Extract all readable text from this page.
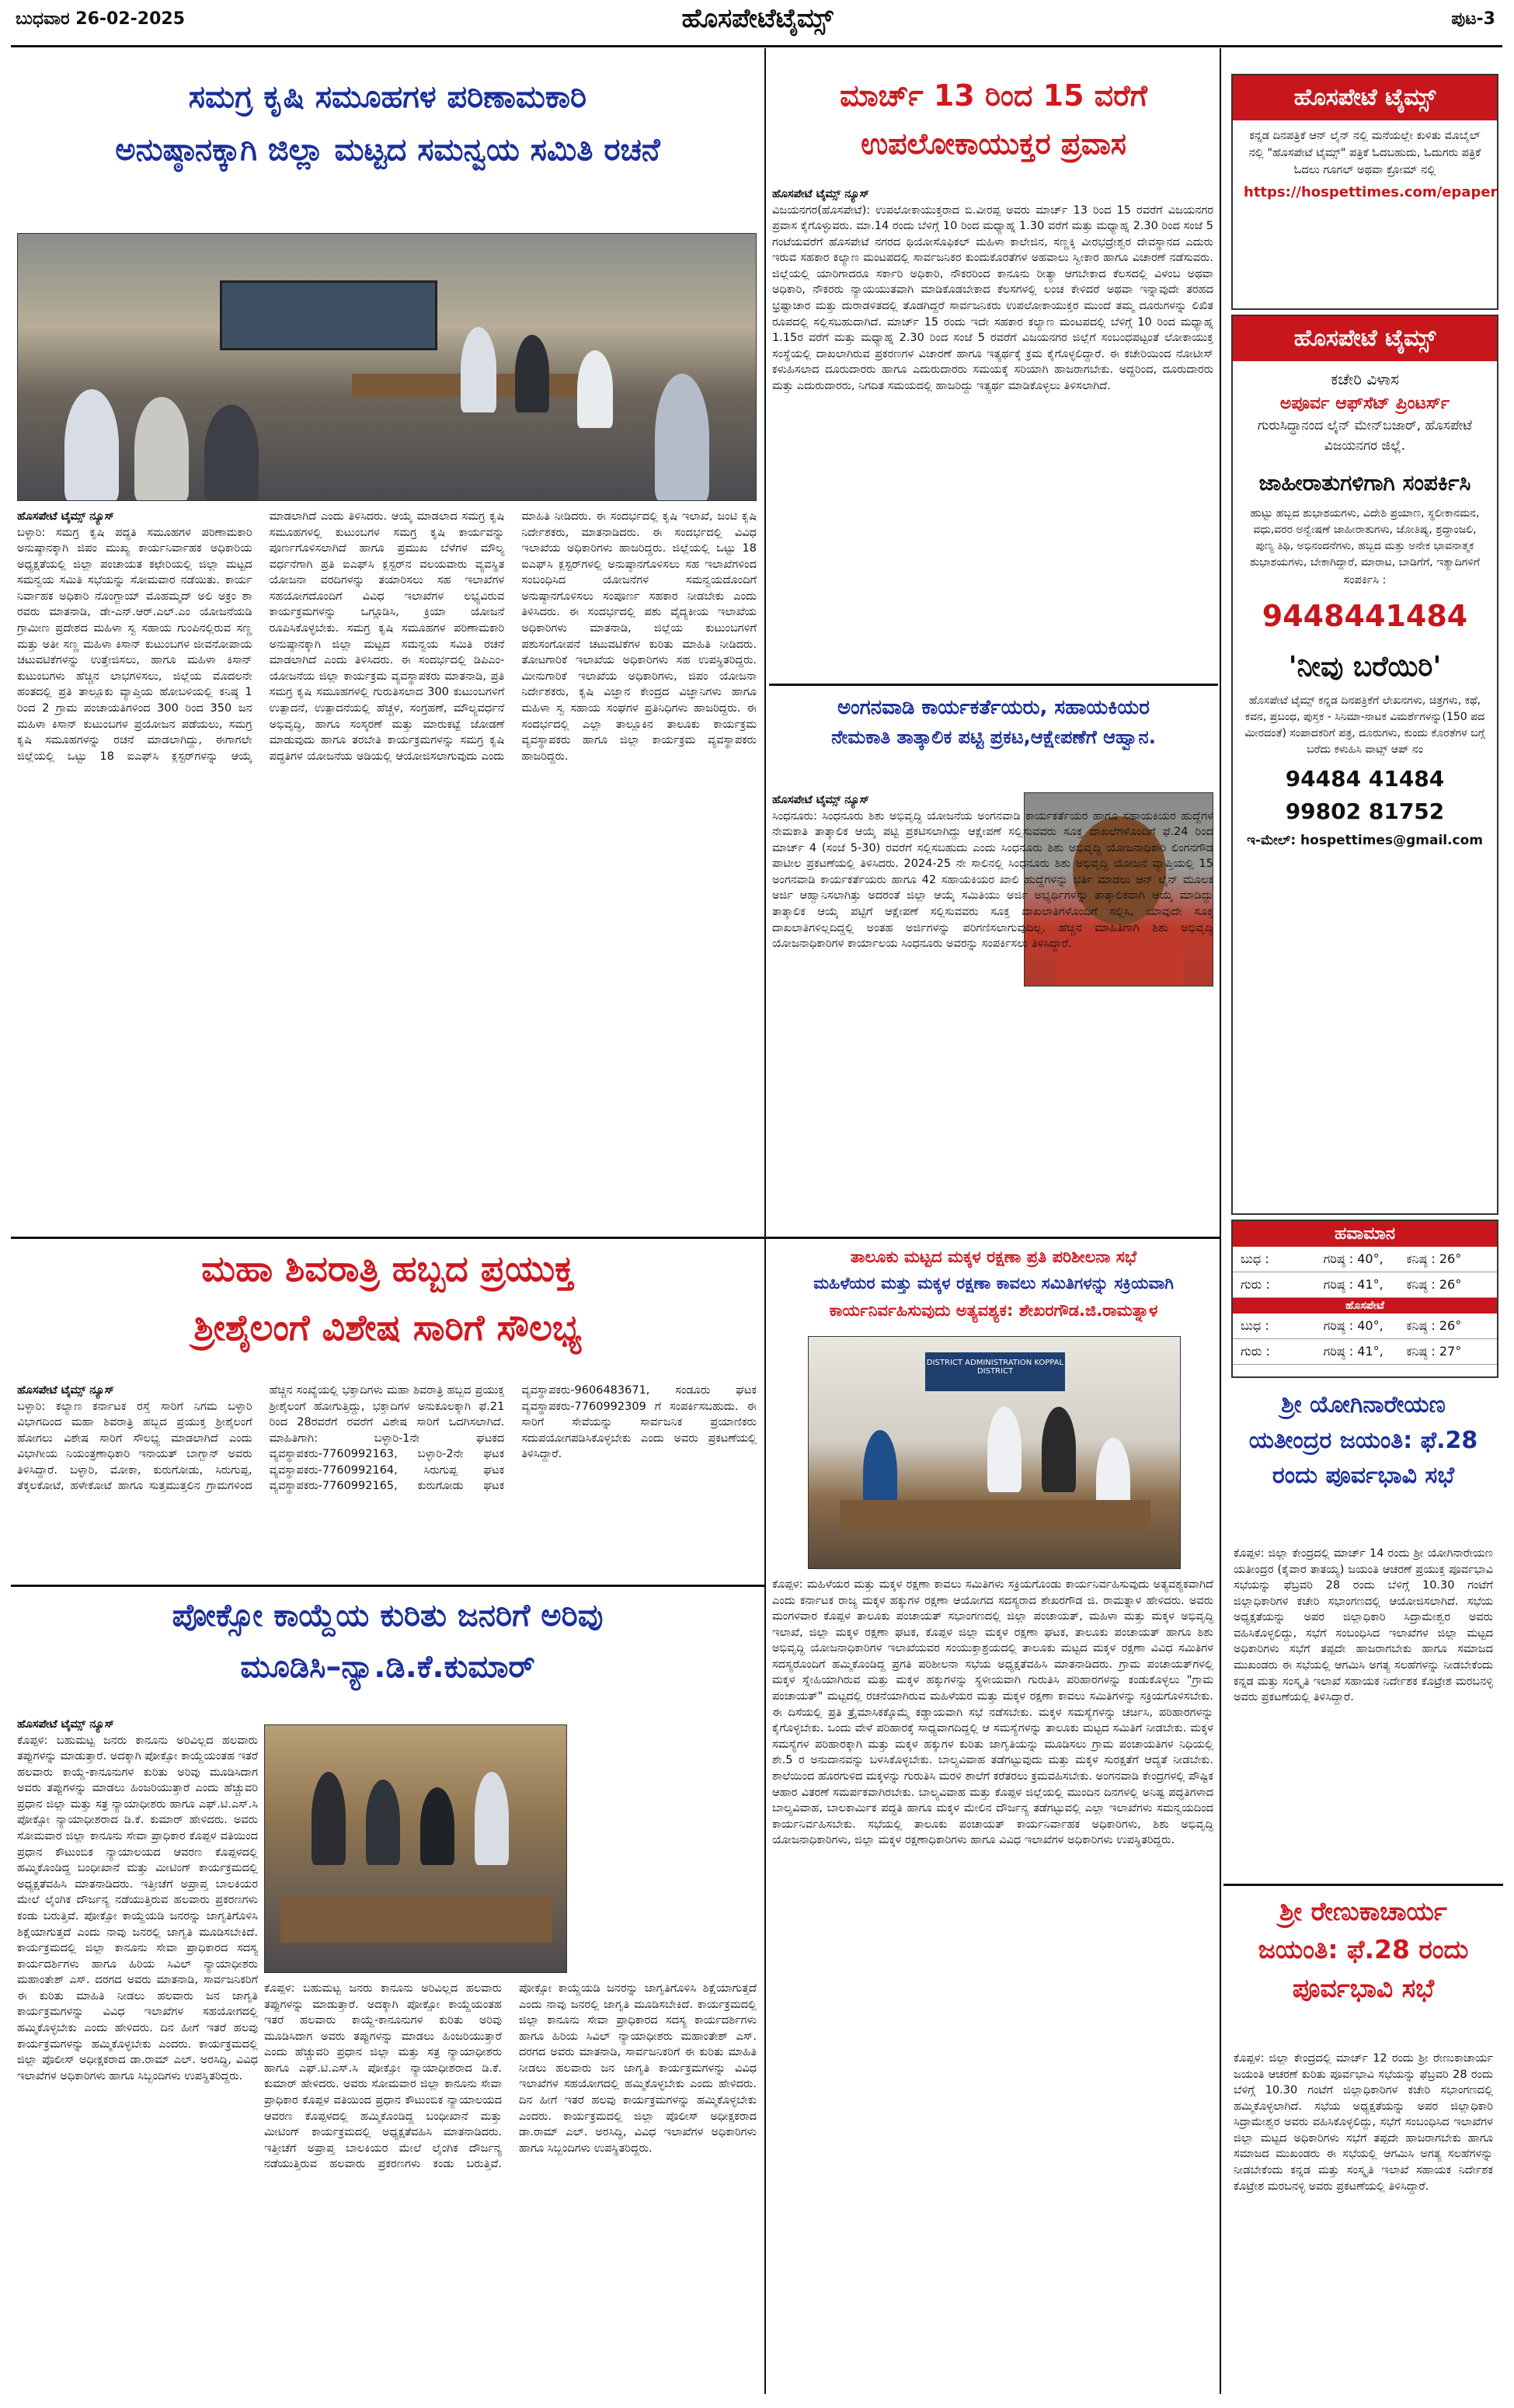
ಬುಧವಾರ 26-02-2025	ಹೊಸಪೇಟೆಟೈಮ್ಸ್	ಪುಟ-3
ಸಮಗ್ರ ಕೃಷಿ ಸಮೂಹಗಳ ಪರಿಣಾಮಕಾರಿ
ಅನುಷ್ಠಾನಕ್ಕಾಗಿ ಜಿಲ್ಲಾ ಮಟ್ಟದ ಸಮನ್ವಯ ಸಮಿತಿ ರಚನೆ
ಹೊಸಪೇಟೆ ಟೈಮ್ಸ್ ನ್ಯೂಸ್
ಬಳ್ಳಾರಿ: ಸಮಗ್ರ ಕೃಷಿ ಪದ್ಧತಿ ಸಮೂಹಗಳ ಪರಿಣಾಮಕಾರಿ ಅನುಷ್ಠಾನಕ್ಕಾಗಿ ಜಿಪಂ ಮುಖ್ಯ ಕಾರ್ಯನಿರ್ವಾಹಕ ಅಧಿಕಾರಿಯ ಅಧ್ಯಕ್ಷತೆಯಲ್ಲಿ ಜಿಲ್ಲಾ ಪಂಚಾಯತ ಕಛೇರಿಯಲ್ಲಿ ಜಿಲ್ಲಾ ಮಟ್ಟದ ಸಮನ್ವಯ ಸಮಿತಿ ಸಭೆಯನ್ನು ಸೋಮವಾರ ನಡೆಯಿತು. ಕಾರ್ಯ ನಿರ್ವಾಹಕ ಅಧಿಕಾರಿ ನೊಂಗ್ಜಾಯ್ ಮೊಹಮ್ಮದ್ ಅಲಿ ಅಕ್ರಂ ಶಾ ರವರು ಮಾತನಾಡಿ, ಡೇ-ಎನ್.ಆರ್.ಎಲ್.ಎಂ ಯೋಜನೆಯಡಿ ಗ್ರಾಮೀಣ ಪ್ರದೇಶದ ಮಹಿಳಾ ಸ್ವ ಸಹಾಯ ಗುಂಪಿನಲ್ಲಿರುವ ಸಣ್ಣ ಮತ್ತು ಅತೀ ಸಣ್ಣ ಮಹಿಳಾ ಕಿಸಾನ್ ಕುಟುಂಬಗಳ ಜೀವನೋಪಾಯ ಚಟುವಟಿಕೆಗಳನ್ನು ಉತ್ತೇಜಿಸಲು, ಹಾಗೂ ಮಹಿಳಾ ಕಿಸಾನ್ ಕುಟುಂಬಗಳು ಹೆಚ್ಚಿನ ಲಾಭಗಳಿಸಲು, ಜಿಲ್ಲೆಯ ಮೊದಲನೇ ಹಂತದಲ್ಲಿ ಪ್ರತಿ ತಾಲ್ಲೂಕು ವ್ಯಾಪ್ತಿಯ ಹೋಬಳಿಯಲ್ಲಿ ಕನಿಷ್ಠ 1 ರಿಂದ 2 ಗ್ರಾಮ ಪಂಚಾಯತಿಗಳಿಂದ 300 ರಿಂದ 350 ಜನ ಮಹಿಳಾ ಕಿಸಾನ್ ಕುಟುಂಬಗಳ ಪ್ರಯೋಜನ ಪಡೆಯಲು, ಸಮಗ್ರ ಕೃಷಿ ಸಮೂಹಗಳನ್ನು ರಚನೆ ಮಾಡಲಾಗಿದ್ದು, ಈಗಾಗಲೇ ಜಿಲ್ಲೆಯಲ್ಲಿ ಒಟ್ಟು 18 ಐಎಫ್‌ಸಿ ಕ್ಲಸ್ಟರ್‌ಗಳನ್ನು ಆಯ್ಕೆ ಮಾಡಲಾಗಿದೆ ಎಂದು ತಿಳಿಸಿದರು. ಆಯ್ಕೆ ಮಾಡಲಾದ ಸಮಗ್ರ ಕೃಷಿ ಸಮೂಹಗಳಲ್ಲಿ ಕುಟುಂಬಗಳ ಸಮಗ್ರ ಕೃಷಿ ಕಾರ್ಯವನ್ನು ಪೂರ್ಣಗೊಳಿಸಲಾಗಿದೆ ಹಾಗೂ ಪ್ರಮುಖ ಬೆಳೆಗಳ ಮೌಲ್ಯ ವರ್ಧನೆಗಾಗಿ ಪ್ರತಿ ಐಎಫ್‌ಸಿ ಕ್ಲಸ್ಟರ್‌ನ ವಲಯವಾರು ವ್ಯವಸ್ಥಿತ ಯೋಜನಾ ವರದಿಗಳನ್ನು ತಯಾರಿಸಲು ಸಹ ಇಲಾಖೆಗಳ ಸಹಯೋಗದೊಂದಿಗೆ ವಿವಿಧ ಇಲಾಖೆಗಳ ಲಭ್ಯವಿರುವ ಕಾರ್ಯಕ್ರಮಗಳನ್ನು ಒಗ್ಗೂಡಿಸಿ, ಕ್ರಿಯಾ ಯೋಜನೆ ರೂಪಿಸಿಕೊಳ್ಳಬೇಕು. ಸಮಗ್ರ ಕೃಷಿ ಸಮೂಹಗಳ ಪರಿಣಾಮಕಾರಿ ಅನುಷ್ಠಾನಕ್ಕಾಗಿ ಜಿಲ್ಲಾ ಮಟ್ಟದ ಸಮನ್ವಯ ಸಮಿತಿ ರಚನೆ ಮಾಡಲಾಗಿದೆ ಎಂದು ತಿಳಿಸಿದರು. ಈ ಸಂದರ್ಭದಲ್ಲಿ ಡಿಪಿಎಂ-ಯೋಜನೆಯ ಜಿಲ್ಲಾ ಕಾರ್ಯಕ್ರಮ ವ್ಯವಸ್ಥಾಪಕರು ಮಾತನಾಡಿ, ಪ್ರತಿ ಸಮಗ್ರ ಕೃಷಿ ಸಮೂಹಗಳಲ್ಲಿ ಗುರುತಿಸಲಾದ 300 ಕುಟುಂಬಗಳಿಗೆ ಉತ್ಪಾದನೆ, ಉತ್ಪಾದನೆಯಲ್ಲಿ ಹೆಚ್ಚಳ, ಸಂಗ್ರಹಣೆ, ಮೌಲ್ಯವರ್ಧನೆ ಅಭಿವೃದ್ಧಿ, ಹಾಗೂ ಸಂಸ್ಕರಣೆ ಮತ್ತು ಮಾರುಕಟ್ಟೆ ಜೋಡಣೆ ಮಾಡುವುದು ಹಾಗೂ ತರಬೇತಿ ಕಾರ್ಯಕ್ರಮಗಳನ್ನು ಸಮಗ್ರ ಕೃಷಿ ಪದ್ಧತಿಗಳ ಯೋಜನೆಯ ಅಡಿಯಲ್ಲಿ ಆಯೋಜಿಸಲಾಗುವುದು ಎಂದು ಮಾಹಿತಿ ನೀಡಿದರು. ಈ ಸಂದರ್ಭದಲ್ಲಿ ಕೃಷಿ ಇಲಾಖೆ, ಜಂಟಿ ಕೃಷಿ ನಿರ್ದೇಶಕರು, ಮಾತನಾಡಿದರು. ಈ ಸಂದರ್ಭದಲ್ಲಿ ವಿವಿಧ ಇಲಾಖೆಯ ಅಧಿಕಾರಿಗಳು ಹಾಜರಿದ್ದರು. ಜಿಲ್ಲೆಯಲ್ಲಿ ಒಟ್ಟು 18 ಐಎಫ್‌ಸಿ ಕ್ಲಸ್ಟರ್‌ಗಳಲ್ಲಿ ಅನುಷ್ಠಾನಗೊಳಿಸಲು ಸಹ ಇಲಾಖೆಗಳಿಂದ ಸಂಬಂಧಿಸಿದ ಯೋಜನೆಗಳ ಸಮನ್ವಯದೊಂದಿಗೆ ಅನುಷ್ಠಾನಗೊಳಿಸಲು ಸಂಪೂರ್ಣ ಸಹಕಾರ ನೀಡಬೇಕು ಎಂದು ತಿಳಿಸಿದರು. ಈ ಸಂದರ್ಭದಲ್ಲಿ ಪಶು ವೈದ್ಯಕೀಯ ಇಲಾಖೆಯ ಅಧಿಕಾರಿಗಳು ಮಾತನಾಡಿ, ಜಿಲ್ಲೆಯ ಕುಟುಂಬಗಳಿಗೆ ಪಶುಸಂಗೋಪನೆ ಚಟುವಟಿಕೆಗಳ ಕುರಿತು ಮಾಹಿತಿ ನೀಡಿದರು. ತೋಟಗಾರಿಕೆ ಇಲಾಖೆಯ ಅಧಿಕಾರಿಗಳು ಸಹ ಉಪಸ್ಥಿತರಿದ್ದರು. ಮೀನುಗಾರಿಕೆ ಇಲಾಖೆಯ ಅಧಿಕಾರಿಗಳು, ಜಿಪಂ ಯೋಜನಾ ನಿರ್ದೇಶಕರು, ಕೃಷಿ ವಿಜ್ಞಾನ ಕೇಂದ್ರದ ವಿಜ್ಞಾನಿಗಳು ಹಾಗೂ ಮಹಿಳಾ ಸ್ವ ಸಹಾಯ ಸಂಘಗಳ ಪ್ರತಿನಿಧಿಗಳು ಹಾಜರಿದ್ದರು. ಈ ಸಂದರ್ಭದಲ್ಲಿ ಎಲ್ಲಾ ತಾಲ್ಲೂಕಿನ ತಾಲೂಕು ಕಾರ್ಯಕ್ರಮ ವ್ಯವಸ್ಥಾಪಕರು ಹಾಗೂ ಜಿಲ್ಲಾ ಕಾರ್ಯಕ್ರಮ ವ್ಯವಸ್ಥಾಪಕರು ಹಾಜರಿದ್ದರು.
ಮಾರ್ಚ್ 13 ರಿಂದ 15 ವರೆಗೆ
ಉಪಲೋಕಾಯುಕ್ತರ ಪ್ರವಾಸ
ಹೊಸಪೇಟೆ ಟೈಮ್ಸ್ ನ್ಯೂಸ್
ವಿಜಯನಗರ(ಹೊಸಪೇಟೆ): ಉಪಲೋಕಾಯುಕ್ತರಾದ ಬಿ.ವೀರಪ್ಪ ಅವರು ಮಾರ್ಚ್ 13 ರಿಂದ 15 ರವರೆಗೆ ವಿಜಯನಗರ ಪ್ರವಾಸ ಕೈಗೊಳ್ಳುವರು. ಮಾ.14 ರಂದು ಬೆಳಿಗ್ಗೆ 10 ರಿಂದ ಮಧ್ಯಾಹ್ನ 1.30 ವರೆಗೆ ಮತ್ತು ಮಧ್ಯಾಹ್ನ 2.30 ರಿಂದ ಸಂಜೆ 5 ಗಂಟೆಯವರೆಗೆ ಹೊಸಪೇಟೆ ನಗರದ ಥಿಯೋಸೊಫಿಕಲ್ ಮಹಿಳಾ ಕಾಲೇಜಿನ, ಸಣ್ಣಕ್ಕಿ ವೀರಭದ್ರೇಶ್ವರ ದೇವಸ್ಥಾನದ ಎದುರು ಇರುವ ಸಹಕಾರ ಕಲ್ಯಾಣ ಮಂಟಪದಲ್ಲಿ ಸಾರ್ವಜನಿಕರ ಕುಂದುಕೊರತೆಗಳ ಅಹವಾಲು ಸ್ವೀಕಾರ ಹಾಗೂ ವಿಚಾರಣೆ ನಡೆಸುವರು. ಜಿಲ್ಲೆಯಲ್ಲಿ ಯಾರಿಗಾದರೂ ಸರ್ಕಾರಿ ಅಧಿಕಾರಿ, ನೌಕರರಿಂದ ಕಾನೂನು ರೀತ್ಯಾ ಆಗಬೇಕಾದ ಕೆಲಸದಲ್ಲಿ ವಿಳಂಬ ಅಥವಾ ಅಧಿಕಾರಿ, ನೌಕರರು ನ್ಯಾಯಯುತವಾಗಿ ಮಾಡಿಕೊಡಬೇಕಾದ ಕೆಲಸಗಳಲ್ಲಿ ಲಂಚ ಕೇಳಿದರೆ ಅಥವಾ ಇನ್ನಾವುದೇ ತರಹದ ಭ್ರಷ್ಟಾಚಾರ ಮತ್ತು ದುರಾಡಳಿತದಲ್ಲಿ ತೊಡಗಿದ್ದರೆ ಸಾರ್ವಜನಿಕರು ಉಪಲೋಕಾಯುಕ್ತರ ಮುಂದೆ ತಮ್ಮ ದೂರುಗಳನ್ನು ಲಿಖಿತ ರೂಪದಲ್ಲಿ ಸಲ್ಲಿಸಬಹುದಾಗಿದೆ. ಮಾರ್ಚ್ 15 ರಂದು ಇದೇ ಸಹಕಾರ ಕಲ್ಯಾಣ ಮಂಟಪದಲ್ಲಿ ಬೆಳಿಗ್ಗೆ 10 ರಿಂದ ಮಧ್ಯಾಹ್ನ 1.15ರ ವರೆಗೆ ಮತ್ತು ಮಧ್ಯಾಹ್ನ 2.30 ರಿಂದ ಸಂಜೆ 5 ರವರೆಗೆ ವಿಜಯನಗರ ಜಿಲ್ಲೆಗೆ ಸಂಬಂಧಪಟ್ಟಂತೆ ಲೋಕಾಯುಕ್ತ ಸಂಸ್ಥೆಯಲ್ಲಿ ದಾಖಲಾಗಿರುವ ಪ್ರಕರಣಗಳ ವಿಚಾರಣೆ ಹಾಗೂ ಇತ್ಯರ್ಥಕ್ಕೆ ಕ್ರಮ ಕೈಗೊಳ್ಳಲಿದ್ದಾರೆ. ಈ ಕಚೇರಿಯಿಂದ ನೋಟೀಸ್ ಕಳುಹಿಸಲಾದ ದೂರುದಾರರು ಹಾಗೂ ಎದುರುದಾರರು ಸಮಯಕ್ಕೆ ಸರಿಯಾಗಿ ಹಾಜರಾಗಬೇಕು. ಅದ್ದರಿಂದ, ದೂರುದಾರರು ಮತ್ತು ಎದುರುದಾರರು, ನಿಗದಿತ ಸಮಯದಲ್ಲಿ ಹಾಜರಿದ್ದು ಇತ್ಯರ್ಥ ಮಾಡಿಕೊಳ್ಳಲು ತಿಳಿಸಲಾಗಿದೆ.
ಅಂಗನವಾಡಿ ಕಾರ್ಯಕರ್ತೆಯರು, ಸಹಾಯಕಿಯರ
ನೇಮಕಾತಿ ತಾತ್ಕಾಲಿಕ ಪಟ್ಟಿ ಪ್ರಕಟ,ಆಕ್ಷೇಪಣೆಗೆ ಆಹ್ವಾನ.
ಹೊಸಪೇಟೆ ಟೈಮ್ಸ್ ನ್ಯೂಸ್
ಸಿಂಧನೂರು: ಸಿಂಧನೂರು ಶಿಶು ಅಭಿವೃದ್ಧಿ ಯೋಜನೆಯ ಅಂಗನವಾಡಿ ಕಾರ್ಯಕರ್ತೆಯರ ಹಾಗೂ ಸಹಾಯಕಿಯರ ಹುದ್ದೆಗಳ ನೇಮಕಾತಿ ತಾತ್ಕಾಲಿಕ ಆಯ್ಕೆ ಪಟ್ಟಿ ಪ್ರಕಟಿಸಲಾಗಿದ್ದು ಆಕ್ಷೇಪಣೆ ಸಲ್ಲಿಸುವವರು ಸೂಕ್ತ ದಾಖಲೆಗಳೊಂದಿಗೆ ಫೆ.24 ರಿಂದ ಮಾರ್ಚ್ 4 (ಸಂಜೆ 5-30) ರವರೆಗೆ ಸಲ್ಲಿಸಬಹುದು ಎಂದು ಸಿಂಧನೂರು ಶಿಶು ಅಭಿವೃದ್ಧಿ ಯೋಜನಾಧಿಕಾರಿ ಲಿಂಗನಗೌಡ ಪಾಟೀಲ ಪ್ರಕಟಣೆಯಲ್ಲಿ ತಿಳಿಸಿದರು. 2024-25 ನೇ ಸಾಲಿನಲ್ಲಿ ಸಿಂಧನೂರು ಶಿಶು ಅಭಿವೃದ್ಧಿ ಯೋಜನೆ ವ್ಯಾಪ್ತಿಯಲ್ಲಿ 15 ಅಂಗನವಾಡಿ ಕಾರ್ಯಕರ್ತೆಯರು ಹಾಗೂ 42 ಸಹಾಯಕಿಯರ ಖಾಲಿ ಹುದ್ದೆಗಳನ್ನು ಭರ್ತಿ ಮಾಡಲು ಆನ್ ಲೈನ್ ಮೂಲಕ ಅರ್ಜಿ ಆಹ್ವಾನಿಸಲಾಗಿತ್ತು ಅದರಂತೆ ಜಿಲ್ಲಾ ಆಯ್ಕೆ ಸಮಿತಿಯು ಅರ್ಜಿ ಅಭ್ಯರ್ಥಿಗಳನ್ನು ತಾತ್ಕಾಲಿಕವಾಗಿ ಆಯ್ಕೆ ಮಾಡಿದ್ದು ತಾತ್ಕಾಲಿಕ ಆಯ್ಕೆ ಪಟ್ಟಿಗೆ ಆಕ್ಷೇಪಣೆ ಸಲ್ಲಿಸುವವರು ಸೂಕ್ತ ದಾಖಲಾತಿಗಳೊಂದಿಗೆ ಸಲ್ಲಿಸಿ, ಯಾವುದೇ ಸೂಕ್ತ ದಾಖಲಾತಿಗಳಿಲ್ಲದಿದ್ದಲ್ಲಿ ಅಂತಹ ಅರ್ಜಿಗಳನ್ನು ಪರಿಗಣಿಸಲಾಗುವುದಿಲ್ಲ. ಹೆಚ್ಚಿನ ಮಾಹಿತಿಗಾಗಿ ಶಿಶು ಅಭಿವೃದ್ಧಿ ಯೋಜನಾಧಿಕಾರಿಗಳ ಕಾರ್ಯಾಲಯ ಸಿಂಧನೂರು ಅವರನ್ನು ಸಂಪರ್ಕಿಸಲು ತಿಳಿಸಿದ್ದಾರೆ.
ಮಹಾ ಶಿವರಾತ್ರಿ ಹಬ್ಬದ ಪ್ರಯುಕ್ತ
ಶ್ರೀಶೈಲಂಗೆ ವಿಶೇಷ ಸಾರಿಗೆ ಸೌಲಭ್ಯ
ಹೊಸಪೇಟೆ ಟೈಮ್ಸ್ ನ್ಯೂಸ್
ಬಳ್ಳಾರಿ: ಕಲ್ಯಾಣ ಕರ್ನಾಟಕ ರಸ್ತೆ ಸಾರಿಗೆ ನಿಗಮ ಬಳ್ಳಾರಿ ವಿಭಾಗದಿಂದ ಮಹಾ ಶಿವರಾತ್ರಿ ಹಬ್ಬದ ಪ್ರಯುಕ್ತ ಶ್ರೀಶೈಲಂಗೆ ಹೋಗಲು ವಿಶೇಷ ಸಾರಿಗೆ ಸೌಲಭ್ಯ ಮಾಡಲಾಗಿದೆ ಎಂದು ವಿಭಾಗೀಯ ನಿಯಂತ್ರಣಾಧಿಕಾರಿ ಇನಾಯತ್ ಬಾಗ್ಬಾನ್ ಅವರು ತಿಳಿಸಿದ್ದಾರೆ. ಬಳ್ಳಾರಿ, ಮೋಕಾ, ಕುರುಗೋಡು, ಸಿರುಗುಪ್ಪ, ತೆಕ್ಕಲಕೋಟೆ, ಹಳೇಕೋಟೆ ಹಾಗೂ ಸುತ್ತಮುತ್ತಲಿನ ಗ್ರಾಮಗಳಿಂದ ಹೆಚ್ಚಿನ ಸಂಖ್ಯೆಯಲ್ಲಿ ಭಕ್ತಾದಿಗಳು ಮಹಾ ಶಿವರಾತ್ರಿ ಹಬ್ಬದ ಪ್ರಯುಕ್ತ ಶ್ರೀಶೈಲಂಗೆ ಹೋಗುತ್ತಿದ್ದು, ಭಕ್ತಾದಿಗಳ ಅನುಕೂಲಕ್ಕಾಗಿ ಫೆ.21 ರಿಂದ 28ರವರೆಗೆ ರವರೆಗೆ ವಿಶೇಷ ಸಾರಿಗೆ ಒದಗಿಸಲಾಗಿದೆ. ಮಾಹಿತಿಗಾಗಿ: ಬಳ್ಳಾರಿ-1ನೇ ಘಟಕದ ವ್ಯವಸ್ಥಾಪಕರು-7760992163, ಬಳ್ಳಾರಿ-2ನೇ ಘಟಕ ವ್ಯವಸ್ಥಾಪಕರು-7760992164, ಸಿರುಗುಪ್ಪ ಘಟಕ ವ್ಯವಸ್ಥಾಪಕರು-7760992165, ಕುರುಗೋಡು ಘಟಕ ವ್ಯವಸ್ಥಾಪಕರು-9606483671, ಸಂಡೂರು ಘಟಕ ವ್ಯವಸ್ಥಾಪಕರು-7760992309 ಗೆ ಸಂಪರ್ಕಿಸಬಹುದು. ಈ ಸಾರಿಗೆ ಸೇವೆಯನ್ನು ಸಾರ್ವಜನಿಕ ಪ್ರಯಾಣಿಕರು ಸದುಪಯೋಗಪಡಿಸಿಕೊಳ್ಳಬೇಕು ಎಂದು ಅವರು ಪ್ರಕಟಣೆಯಲ್ಲಿ ತಿಳಿಸಿದ್ದಾರೆ.
ಪೋಕ್ಸೋ ಕಾಯ್ದೆಯ ಕುರಿತು ಜನರಿಗೆ ಅರಿವು
ಮೂಡಿಸಿ–ನ್ಯಾ.ಡಿ.ಕೆ.ಕುಮಾರ್
ಹೊಸಪೇಟೆ ಟೈಮ್ಸ್ ನ್ಯೂಸ್
ಕೊಪ್ಪಳ: ಬಹುಮಟ್ಟ ಜನರು ಕಾನೂನು ಅರಿವಿಲ್ಲದ ಹಲವಾರು ತಪ್ಪುಗಳನ್ನು ಮಾಡುತ್ತಾರೆ. ಅದಕ್ಕಾಗಿ ಪೋಕ್ಸೋ ಕಾಯ್ದೆಯಂತಹ ಇತರೆ ಹಲವಾರು ಕಾಯ್ದೆ-ಕಾನೂನುಗಳ ಕುರಿತು ಅರಿವು ಮೂಡಿಸಿದಾಗ ಅವರು ತಪ್ಪುಗಳನ್ನು ಮಾಡಲು ಹಿಂಜರಿಯುತ್ತಾರೆ ಎಂದು ಹೆಚ್ಚುವರಿ ಪ್ರಧಾನ ಜಿಲ್ಲಾ ಮತ್ತು ಸತ್ರ ನ್ಯಾಯಾಧೀಶರು ಹಾಗೂ ಎಫ್.ಟಿ.ಎಸ್.ಸಿ ಪೋಕ್ಸೋ ನ್ಯಾಯಾಧೀಶರಾದ ಡಿ.ಕೆ. ಕುಮಾರ್ ಹೇಳಿದರು. ಅವರು ಸೋಮವಾರ ಜಿಲ್ಲಾ ಕಾನೂನು ಸೇವಾ ಪ್ರಾಧಿಕಾರ ಕೊಪ್ಪಳ ವತಿಯಿಂದ ಪ್ರಧಾನ ಕೌಟುಂಬಿಕ ನ್ಯಾಯಾಲಯದ ಆವರಣ ಕೊಪ್ಪಳದಲ್ಲಿ ಹಮ್ಮಿಕೊಂಡಿದ್ದ ಬಂಧೀಖಾನೆ ಮತ್ತು ಮೀಟಿಂಗ್ ಕಾರ್ಯಕ್ರಮದಲ್ಲಿ ಅಧ್ಯಕ್ಷತೆವಹಿಸಿ ಮಾತನಾಡಿದರು. ಇತ್ತೀಚೆಗೆ ಅಪ್ರಾಪ್ತ ಬಾಲಕಿಯರ ಮೇಲೆ ಲೈಂಗಿಕ ದೌರ್ಜನ್ಯ ನಡೆಯುತ್ತಿರುವ ಹಲವಾರು ಪ್ರಕರಣಗಳು ಕಂಡು ಬರುತ್ತಿವೆ. ಪೋಕ್ಸೋ ಕಾಯ್ದೆಯಡಿ ಜನರನ್ನು ಜಾಗೃತಿಗೊಳಿಸಿ ಶಿಕ್ಷೆಯಾಗುತ್ತದೆ ಎಂದು ನಾವು ಜನರಲ್ಲಿ ಜಾಗೃತಿ ಮೂಡಿಸಬೇಕಿದೆ. ಕಾರ್ಯಕ್ರಮದಲ್ಲಿ ಜಿಲ್ಲಾ ಕಾನೂನು ಸೇವಾ ಪ್ರಾಧಿಕಾರದ ಸದಸ್ಯ ಕಾರ್ಯದರ್ಶಿಗಳು ಹಾಗೂ ಹಿರಿಯ ಸಿವಿಲ್ ನ್ಯಾಯಾಧೀಶರು ಮಹಾಂತೇಶ್ ಎಸ್. ದರಗದ ಅವರು ಮಾತನಾಡಿ, ಸಾರ್ವಜನಿಕರಿಗೆ ಈ ಕುರಿತು ಮಾಹಿತಿ ನೀಡಲು ಹಲವಾರು ಜನ ಜಾಗೃತಿ ಕಾರ್ಯಕ್ರಮಗಳನ್ನು ವಿವಿಧ ಇಲಾಖೆಗಳ ಸಹಯೋಗದಲ್ಲಿ ಹಮ್ಮಿಕೊಳ್ಳಬೇಕು ಎಂದು ಹೇಳಿದರು. ದಿನ ಹೀಗೆ ಇತರೆ ಹಲವು ಕಾರ್ಯಕ್ರಮಗಳನ್ನು ಹಮ್ಮಿಕೊಳ್ಳಬೇಕು ಎಂದರು. ಕಾರ್ಯಕ್ರಮದಲ್ಲಿ ಜಿಲ್ಲಾ ಪೊಲೀಸ್ ಅಧೀಕ್ಷಕರಾದ ಡಾ.ರಾಮ್ ಎಲ್. ಅರಸಿದ್ಧಿ, ವಿವಿಧ ಇಲಾಖೆಗಳ ಅಧಿಕಾರಿಗಳು ಹಾಗೂ ಸಿಬ್ಬಂದಿಗಳು ಉಪಸ್ಥಿತರಿದ್ದರು.
ಕೊಪ್ಪಳ: ಬಹುಮಟ್ಟ ಜನರು ಕಾನೂನು ಅರಿವಿಲ್ಲದ ಹಲವಾರು ತಪ್ಪುಗಳನ್ನು ಮಾಡುತ್ತಾರೆ. ಅದಕ್ಕಾಗಿ ಪೋಕ್ಸೋ ಕಾಯ್ದೆಯಂತಹ ಇತರೆ ಹಲವಾರು ಕಾಯ್ದೆ-ಕಾನೂನುಗಳ ಕುರಿತು ಅರಿವು ಮೂಡಿಸಿದಾಗ ಅವರು ತಪ್ಪುಗಳನ್ನು ಮಾಡಲು ಹಿಂಜರಿಯುತ್ತಾರೆ ಎಂದು ಹೆಚ್ಚುವರಿ ಪ್ರಧಾನ ಜಿಲ್ಲಾ ಮತ್ತು ಸತ್ರ ನ್ಯಾಯಾಧೀಶರು ಹಾಗೂ ಎಫ್.ಟಿ.ಎಸ್.ಸಿ ಪೋಕ್ಸೋ ನ್ಯಾಯಾಧೀಶರಾದ ಡಿ.ಕೆ. ಕುಮಾರ್ ಹೇಳಿದರು. ಅವರು ಸೋಮವಾರ ಜಿಲ್ಲಾ ಕಾನೂನು ಸೇವಾ ಪ್ರಾಧಿಕಾರ ಕೊಪ್ಪಳ ವತಿಯಿಂದ ಪ್ರಧಾನ ಕೌಟುಂಬಿಕ ನ್ಯಾಯಾಲಯದ ಆವರಣ ಕೊಪ್ಪಳದಲ್ಲಿ ಹಮ್ಮಿಕೊಂಡಿದ್ದ ಬಂಧೀಖಾನೆ ಮತ್ತು ಮೀಟಿಂಗ್ ಕಾರ್ಯಕ್ರಮದಲ್ಲಿ ಅಧ್ಯಕ್ಷತೆವಹಿಸಿ ಮಾತನಾಡಿದರು. ಇತ್ತೀಚೆಗೆ ಅಪ್ರಾಪ್ತ ಬಾಲಕಿಯರ ಮೇಲೆ ಲೈಂಗಿಕ ದೌರ್ಜನ್ಯ ನಡೆಯುತ್ತಿರುವ ಹಲವಾರು ಪ್ರಕರಣಗಳು ಕಂಡು ಬರುತ್ತಿವೆ. ಪೋಕ್ಸೋ ಕಾಯ್ದೆಯಡಿ ಜನರನ್ನು ಜಾಗೃತಿಗೊಳಿಸಿ ಶಿಕ್ಷೆಯಾಗುತ್ತದೆ ಎಂದು ನಾವು ಜನರಲ್ಲಿ ಜಾಗೃತಿ ಮೂಡಿಸಬೇಕಿದೆ. ಕಾರ್ಯಕ್ರಮದಲ್ಲಿ ಜಿಲ್ಲಾ ಕಾನೂನು ಸೇವಾ ಪ್ರಾಧಿಕಾರದ ಸದಸ್ಯ ಕಾರ್ಯದರ್ಶಿಗಳು ಹಾಗೂ ಹಿರಿಯ ಸಿವಿಲ್ ನ್ಯಾಯಾಧೀಶರು ಮಹಾಂತೇಶ್ ಎಸ್. ದರಗದ ಅವರು ಮಾತನಾಡಿ, ಸಾರ್ವಜನಿಕರಿಗೆ ಈ ಕುರಿತು ಮಾಹಿತಿ ನೀಡಲು ಹಲವಾರು ಜನ ಜಾಗೃತಿ ಕಾರ್ಯಕ್ರಮಗಳನ್ನು ವಿವಿಧ ಇಲಾಖೆಗಳ ಸಹಯೋಗದಲ್ಲಿ ಹಮ್ಮಿಕೊಳ್ಳಬೇಕು ಎಂದು ಹೇಳಿದರು. ದಿನ ಹೀಗೆ ಇತರೆ ಹಲವು ಕಾರ್ಯಕ್ರಮಗಳನ್ನು ಹಮ್ಮಿಕೊಳ್ಳಬೇಕು ಎಂದರು. ಕಾರ್ಯಕ್ರಮದಲ್ಲಿ ಜಿಲ್ಲಾ ಪೊಲೀಸ್ ಅಧೀಕ್ಷಕರಾದ ಡಾ.ರಾಮ್ ಎಲ್. ಅರಸಿದ್ಧಿ, ವಿವಿಧ ಇಲಾಖೆಗಳ ಅಧಿಕಾರಿಗಳು ಹಾಗೂ ಸಿಬ್ಬಂದಿಗಳು ಉಪಸ್ಥಿತರಿದ್ದರು.
ತಾಲೂಕು ಮಟ್ಟದ ಮಕ್ಕಳ ರಕ್ಷಣಾ ಪ್ರತಿ ಪರಿಶೀಲನಾ ಸಭೆ
ಮಹಿಳೆಯರ ಮತ್ತು ಮಕ್ಕಳ ರಕ್ಷಣಾ ಕಾವಲು ಸಮಿತಿಗಳನ್ನು ಸಕ್ರಿಯವಾಗಿ
ಕಾರ್ಯನಿರ್ವಹಿಸುವುದು ಅತ್ಯವಶ್ಯಕ: ಶೇಖರಗೌಡ.ಜಿ.ರಾಮತ್ನಾಳ
DISTRICT ADMINISTRATION KOPPAL DISTRICT
ಕೊಪ್ಪಳ: ಮಹಿಳೆಯರ ಮತ್ತು ಮಕ್ಕಳ ರಕ್ಷಣಾ ಕಾವಲು ಸಮಿತಿಗಳು ಸಕ್ರಿಯಗೊಂಡು ಕಾರ್ಯನಿರ್ವಹಿಸುವುದು ಅತ್ಯವಶ್ಯಕವಾಗಿದೆ ಎಂದು ಕರ್ನಾಟಕ ರಾಜ್ಯ ಮಕ್ಕಳ ಹಕ್ಕುಗಳ ರಕ್ಷಣಾ ಆಯೋಗದ ಸದಸ್ಯರಾದ ಶೇಖರಗೌಡ ಜಿ. ರಾಮತ್ನಾಳ ಹೇಳಿದರು. ಅವರು ಮಂಗಳವಾರ ಕೊಪ್ಪಳ ತಾಲೂಕು ಪಂಚಾಯತ್ ಸಭಾಂಗಣದಲ್ಲಿ ಜಿಲ್ಲಾ ಪಂಚಾಯತ್, ಮಹಿಳಾ ಮತ್ತು ಮಕ್ಕಳ ಅಭಿವೃದ್ಧಿ ಇಲಾಖೆ, ಜಿಲ್ಲಾ ಮಕ್ಕಳ ರಕ್ಷಣಾ ಘಟಕ, ಕೊಪ್ಪಳ ಜಿಲ್ಲಾ ಮಕ್ಕಳ ರಕ್ಷಣಾ ಘಟಕ, ತಾಲೂಕು ಪಂಚಾಯತ್ ಹಾಗೂ ಶಿಶು ಅಭಿವೃದ್ಧಿ ಯೋಜನಾಧಿಕಾರಿಗಳ ಇಲಾಖೆಯವರ ಸಂಯುಕ್ತಾಶ್ರಯದಲ್ಲಿ ತಾಲೂಕು ಮಟ್ಟದ ಮಕ್ಕಳ ರಕ್ಷಣಾ ವಿವಿಧ ಸಮಿತಿಗಳ ಸದಸ್ಯರೊಂದಿಗೆ ಹಮ್ಮಿಕೊಂಡಿದ್ದ ಪ್ರಗತಿ ಪರಿಶೀಲನಾ ಸಭೆಯ ಅಧ್ಯಕ್ಷತೆವಹಿಸಿ ಮಾತನಾಡಿದರು. ಗ್ರಾಮ ಪಂಚಾಯತ್‌ಗಳಲ್ಲಿ ಮಕ್ಕಳ ಸ್ನೇಹಿಯಾಗಿರುವ ಮತ್ತು ಮಕ್ಕಳ ಹಕ್ಕುಗಳನ್ನು ಸ್ಥಳೀಯವಾಗಿ ಗುರುತಿಸಿ ಪರಿಹಾರಗಳನ್ನು ಕಂಡುಕೊಳ್ಳಲು "ಗ್ರಾಮ ಪಂಚಾಯತ್" ಮಟ್ಟದಲ್ಲಿ ರಚನೆಯಾಗಿರುವ ಮಹಿಳೆಯರ ಮತ್ತು ಮಕ್ಕಳ ರಕ್ಷಣಾ ಕಾವಲು ಸಮಿತಿಗಳನ್ನು ಸಕ್ರಿಯಗೊಳಿಸಬೇಕು. ಈ ದಿಸೆಯಲ್ಲಿ ಪ್ರತಿ ತ್ರೈಮಾಸಿಕಕ್ಕೊಮ್ಮೆ ಕಡ್ಡಾಯವಾಗಿ ಸಭೆ ನಡೆಸಬೇಕು. ಮಕ್ಕಳ ಸಮಸ್ಯೆಗಳನ್ನು ಚರ್ಚಿಸಿ, ಪರಿಹಾರಗಳನ್ನು ಕೈಗೊಳ್ಳಬೇಕು. ಒಂದು ವೇಳೆ ಪರಿಹಾರಕ್ಕೆ ಸಾಧ್ಯವಾಗದಿದ್ದಲ್ಲಿ ಆ ಸಮಸ್ಯೆಗಳನ್ನು ತಾಲೂಕು ಮಟ್ಟದ ಸಮಿತಿಗೆ ನೀಡಬೇಕು. ಮಕ್ಕಳ ಸಮಸ್ಯೆಗಳ ಪರಿಹಾರಕ್ಕಾಗಿ ಮತ್ತು ಮಕ್ಕಳ ಹಕ್ಕುಗಳ ಕುರಿತು ಜಾಗೃತಿಯನ್ನು ಮೂಡಿಸಲು ಗ್ರಾಮ ಪಂಚಾಯತಿಗಳ ನಿಧಿಯಲ್ಲಿ ಶೇ.5 ರ ಅನುದಾನವನ್ನು ಬಳಸಿಕೊಳ್ಳಬೇಕು. ಬಾಲ್ಯವಿವಾಹ ತಡೆಗಟ್ಟುವುದು ಮತ್ತು ಮಕ್ಕಳ ಸುರಕ್ಷತೆಗೆ ಆದ್ಯತೆ ನೀಡಬೇಕು. ಶಾಲೆಯಿಂದ ಹೊರಗುಳಿದ ಮಕ್ಕಳನ್ನು ಗುರುತಿಸಿ ಮರಳಿ ಶಾಲೆಗೆ ಕರೆತರಲು ಕ್ರಮವಹಿಸಬೇಕು. ಅಂಗನವಾಡಿ ಕೇಂದ್ರಗಳಲ್ಲಿ ಪೌಷ್ಟಿಕ ಆಹಾರ ವಿತರಣೆ ಸಮರ್ಪಕವಾಗಿರಬೇಕು. ಬಾಲ್ಯವಿವಾಹ ಮತ್ತು ಕೊಪ್ಪಳ ಜಿಲ್ಲೆಯಲ್ಲಿ ಮುಂದಿನ ದಿನಗಳಲ್ಲಿ ಅನಿಷ್ಟ ಪದ್ಧತಿಗಳಾದ ಬಾಲ್ಯವಿವಾಹ, ಬಾಲಕಾರ್ಮಿಕ ಪದ್ಧತಿ ಹಾಗೂ ಮಕ್ಕಳ ಮೇಲಿನ ದೌರ್ಜನ್ಯ ತಡೆಗಟ್ಟುವಲ್ಲಿ ಎಲ್ಲಾ ಇಲಾಖೆಗಳು ಸಮನ್ವಯದಿಂದ ಕಾರ್ಯನಿರ್ವಹಿಸಬೇಕು. ಸಭೆಯಲ್ಲಿ ತಾಲೂಕು ಪಂಚಾಯತ್ ಕಾರ್ಯನಿರ್ವಾಹಕ ಅಧಿಕಾರಿಗಳು, ಶಿಶು ಅಭಿವೃದ್ಧಿ ಯೋಜನಾಧಿಕಾರಿಗಳು, ಜಿಲ್ಲಾ ಮಕ್ಕಳ ರಕ್ಷಣಾಧಿಕಾರಿಗಳು ಹಾಗೂ ವಿವಿಧ ಇಲಾಖೆಗಳ ಅಧಿಕಾರಿಗಳು ಉಪಸ್ಥಿತರಿದ್ದರು.
ಹೊಸಪೇಟೆ ಟೈಮ್ಸ್
ಕನ್ನಡ ದಿನಪತ್ರಿಕೆ ಆನ್ ಲೈನ್ ನಲ್ಲಿ ಮನೆಯಲ್ಲೇ ಕುಳಿತು ಮೊಬೈಲ್ ನಲ್ಲಿ "ಹೊಸಪೇಟೆ ಟೈಮ್ಸ್" ಪತ್ರಿಕೆ ಓದಬಹುದು, ಓದುಗರು ಪತ್ರಿಕೆ ಓದಲು ಗೂಗಲ್ ಅಥವಾ ಕ್ರೋಮ್ ನಲ್ಲಿ
https://hospettimes.com/epaper
ಹೊಸಪೇಟೆ ಟೈಮ್ಸ್
ಕಚೇರಿ ವಿಳಾಸ
ಅಪೂರ್ವ ಆಫ್‌ಸೆಟ್ ಪ್ರಿಂಟರ್ಸ್
ಗುರುಸಿದ್ಧಾನಂದ ಲೈನ್ ಮೇನ್‌ಬಜಾರ್, ಹೊಸಪೇಟೆ ವಿಜಯನಗರ ಜಿಲ್ಲೆ.
ಜಾಹೀರಾತುಗಳಿಗಾಗಿ ಸಂಪರ್ಕಿಸಿ
ಹುಟ್ಟು ಹಬ್ಬದ ಶುಭಾಶಯಗಳು, ವಿದೇಶಿ ಪ್ರಯಾಣ, ಸ್ಥಲೀಕಾನಮನ, ವಧು,ವರರ ಅನ್ವೇಷಣೆ ಜಾಹೀರಾತುಗಳು, ಜೋತಿಷ್ಯ, ಶ್ರದ್ಧಾಂಜಲಿ, ಪುಣ್ಯ ತಿಥಿ, ಅಭಿನಂದನೆಗಳು, ಹಬ್ಬದ ಮತ್ತು ಅನೇಕ ಭಾವನಾತ್ಮಕ ಶುಭಾಶಯಗಳು, ಬೇಕಾಗಿದ್ದಾರೆ, ಮಾರಾಟ, ಬಾಡಿಗೆಗೆ, ಇತ್ಯಾದಿಗಳಿಗೆ
ಸಂಪರ್ಕಿಸಿ :
9448441484
'ನೀವು ಬರೆಯಿರಿ'
ಹೊಸಪೇಟೆ ಟೈಮ್ಸ್ ಕನ್ನಡ ದಿನಪತ್ರಿಕೆಗೆ ಲೇಖನಗಳು, ಚಿತ್ರಗಳು, ಕಥೆ, ಕವನ, ಪ್ರಬಂಧ, ಪುಸ್ತಕ - ಸಿನಿಮಾ-ನಾಟಕ ವಿಮರ್ಶೆಗಳನ್ನು(150 ಪದ ಮೀರದಂತೆ) ಸಂಪಾದಕರಿಗೆ ಪತ್ರ, ದೂರುಗಳು, ಕುಂದು ಕೊರತೆಗಳ ಬಗ್ಗೆ ಬರೆದು ಕಳುಹಿಸಿ ವಾಟ್ಸ್ ಆಪ್ ನಂ
94484 41484
99802 81752
ಇ-ಮೇಲ್: hospettimes@gmail.com
ಹವಾಮಾನ
ಬುಧ :	ಗರಿಷ್ಠ : 40°,	ಕನಿಷ್ಠ : 26°
ಗುರು :	ಗರಿಷ್ಠ : 41°,	ಕನಿಷ್ಠ : 26°
ಹೊಸಪೇಟೆ
ಬುಧ :	ಗರಿಷ್ಠ : 40°,	ಕನಿಷ್ಠ : 26°
ಗುರು :	ಗರಿಷ್ಠ : 41°,	ಕನಿಷ್ಠ : 27°
ಶ್ರೀ ಯೋಗಿನಾರೇಯಣ
ಯತೀಂದ್ರರ ಜಯಂತಿ: ಫೆ.28
ರಂದು ಪೂರ್ವಭಾವಿ ಸಭೆ
ಕೊಪ್ಪಳ: ಜಿಲ್ಲಾ ಕೇಂದ್ರದಲ್ಲಿ ಮಾರ್ಚ್ 14 ರಂದು ಶ್ರೀ ಯೋಗಿನಾರೇಯಣ ಯತೀಂದ್ರರ (ಕೈವಾರ ತಾತಯ್ಯ) ಜಯಂತಿ ಆಚರಣೆ ಪ್ರಯುಕ್ತ ಪೂರ್ವಭಾವಿ ಸಭೆಯನ್ನು ಫೆಬ್ರವರಿ 28 ರಂದು ಬೆಳಿಗ್ಗೆ 10.30 ಗಂಟೆಗೆ ಜಿಲ್ಲಾಧಿಕಾರಿಗಳ ಕಚೇರಿ ಸಭಾಂಗಣದಲ್ಲಿ ಆಯೋಜಿಸಲಾಗಿದೆ. ಸಭೆಯ ಅಧ್ಯಕ್ಷತೆಯನ್ನು ಅಪರ ಜಿಲ್ಲಾಧಿಕಾರಿ ಸಿದ್ರಾಮೇಶ್ವರ ಅವರು ವಹಿಸಿಕೊಳ್ಳಲಿದ್ದು, ಸಭೆಗೆ ಸಂಬಂಧಿಸಿದ ಇಲಾಖೆಗಳ ಜಿಲ್ಲಾ ಮಟ್ಟದ ಅಧಿಕಾರಿಗಳು ಸಭೆಗೆ ತಪ್ಪದೇ ಹಾಜರಾಗಬೇಕು ಹಾಗೂ ಸಮಾಜದ ಮುಖಂಡರು ಈ ಸಭೆಯಲ್ಲಿ ಆಗಮಿಸಿ ಅಗತ್ಯ ಸಲಹೆಗಳನ್ನು ನೀಡಬೇಕೆಂದು ಕನ್ನಡ ಮತ್ತು ಸಂಸ್ಕೃತಿ ಇಲಾಖೆ ಸಹಾಯಕ ನಿರ್ದೇಶಕ ಕೊಟ್ರೇಶ ಮರಬನಳ್ಳಿ ಅವರು ಪ್ರಕಟಣೆಯಲ್ಲಿ ತಿಳಿಸಿದ್ದಾರೆ.
ಶ್ರೀ ರೇಣುಕಾಚಾರ್ಯ
ಜಯಂತಿ: ಫೆ.28 ರಂದು
ಪೂರ್ವಭಾವಿ ಸಭೆ
ಕೊಪ್ಪಳ: ಜಿಲ್ಲಾ ಕೇಂದ್ರದಲ್ಲಿ ಮಾರ್ಚ್ 12 ರಂದು ಶ್ರೀ ರೇಣುಕಾಚಾರ್ಯ ಜಯಂತಿ ಆಚರಣೆ ಕುರಿತು ಪೂರ್ವಭಾವಿ ಸಭೆಯನ್ನು ಫೆಬ್ರವರಿ 28 ರಂದು ಬೆಳಿಗ್ಗೆ 10.30 ಗಂಟೆಗೆ ಜಿಲ್ಲಾಧಿಕಾರಿಗಳ ಕಚೇರಿ ಸಭಾಂಗಣದಲ್ಲಿ ಹಮ್ಮಿಕೊಳ್ಳಲಾಗಿದೆ. ಸಭೆಯ ಅಧ್ಯಕ್ಷತೆಯನ್ನು ಅಪರ ಜಿಲ್ಲಾಧಿಕಾರಿ ಸಿದ್ರಾಮೇಶ್ವರ ಅವರು ವಹಿಸಿಕೊಳ್ಳಲಿದ್ದು, ಸಭೆಗೆ ಸಂಬಂಧಿಸಿದ ಇಲಾಖೆಗಳ ಜಿಲ್ಲಾ ಮಟ್ಟದ ಅಧಿಕಾರಿಗಳು ಸಭೆಗೆ ತಪ್ಪದೇ ಹಾಜರಾಗಬೇಕು ಹಾಗೂ ಸಮಾಜದ ಮುಖಂಡರು ಈ ಸಭೆಯಲ್ಲಿ ಆಗಮಿಸಿ ಅಗತ್ಯ ಸಲಹೆಗಳನ್ನು ನೀಡಬೇಕೆಂದು ಕನ್ನಡ ಮತ್ತು ಸಂಸ್ಕೃತಿ ಇಲಾಖೆ ಸಹಾಯಕ ನಿರ್ದೇಶಕ ಕೊಟ್ರೇಶ ಮರಬನಳ್ಳಿ ಅವರು ಪ್ರಕಟಣೆಯಲ್ಲಿ ತಿಳಿಸಿದ್ದಾರೆ.
